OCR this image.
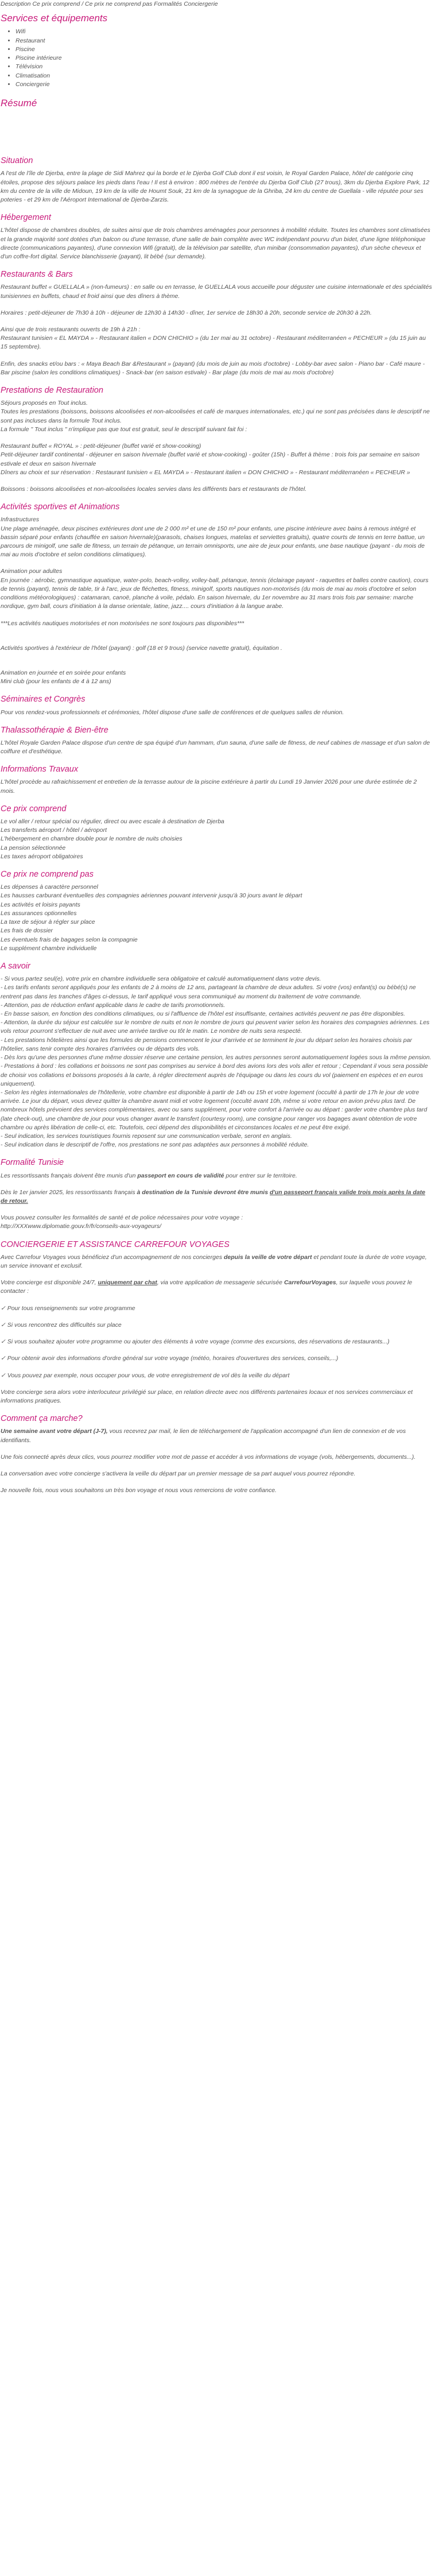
Description Ce prix comprend / Ce prix ne comprend pas Formalités Conciergerie

Services et équipements
• Wifi
• Restaurant
• Piscine
• Piscine intérieure
• Télévision
• Climatisation
• Conciergerie
Résumé
Situation

A l'est de l'île de Djerba, entre la plage de Sidi Mahrez qui la borde et le Djerba Golf Club dont il est voisin, le Royal Garden Palace, hôtel de catégorie cinq étoiles, propose des séjours palace les pieds dans l'eau ! Il est à environ : 800 mètres de l'entrée du Djerba Golf Club (27 trous), 3km du Djerba Explore Park, 12 km du centre de la ville de Midoun, 19 km de la ville de Houmt Souk, 21 km de la synagogue de la Ghriba, 24 km du centre de Guellala - ville réputée pour ses poteries - et 29 km de l'Aéroport International de Djerba-Zarzis.

Hébergement

L'hôtel dispose de chambres doubles, de suites ainsi que de trois chambres aménagées pour personnes à mobilité réduite. Toutes les chambres sont climatisées et la grande majorité sont dotées d'un balcon ou d'une terrasse, d'une salle de bain complète avec WC indépendant pourvu d'un bidet, d'une ligne téléphonique directe (communications payantes), d'une connexion Wifi (gratuit), de la télévision par satellite, d'un minibar (consommation payantes), d'un sèche cheveux et d'un coffre-fort digital. Service blanchisserie (payant), lit bébé (sur demande).

Restaurants & Bars

Restaurant buffet « GUELLALA » (non-fumeurs) : en salle ou en terrasse, le GUELLALA vous accueille pour déguster une cuisine internationale et des spécialités tunisiennes en buffets, chaud et froid ainsi que des dîners à thème.

Horaires : petit-déjeuner de 7h30 à 10h - déjeuner de 12h30 à 14h30 - dîner, 1er service de 18h30 à 20h, seconde service de 20h30 à 22h.

Ainsi que de trois restaurants ouverts de 19h à 21h :
Restaurant tunisien « EL MAYDA » - Restaurant italien « DON CHICHIO » (du 1er mai au 31 octobre) - Restaurant méditerranéen « PECHEUR » (du 15 juin au 15 septembre).

Enfin, des snacks et/ou bars : « Maya Beach Bar &Restaurant » (payant) (du mois de juin au mois d'octobre) - Lobby-bar avec salon - Piano bar - Café maure - Bar piscine (salon les conditions climatiques) - Snack-bar (en saison estivale) - Bar plage (du mois de mai au mois d'octobre)

Prestations de Restauration

Séjours proposés en Tout inclus.
Toutes les prestations (boissons, boissons alcoolisées et non-alcoolisées et café de marques internationales, etc.) qui ne sont pas précisées dans le descriptif ne sont pas incluses dans la formule Tout inclus.
La formule " Tout inclus " n'implique pas que tout est gratuit, seul le descriptif suivant fait foi :

Restaurant buffet « ROYAL » : petit-déjeuner (buffet varié et show-cooking)
Petit-déjeuner tardif continental - déjeuner en saison hivernale (buffet varié et show-cooking) - goûter (15h) - Buffet à thème : trois fois par semaine en saison estivale et deux en saison hivernale
Dîners au choix et sur réservation : Restaurant tunisien « EL MAYDA » - Restaurant italien « DON CHICHIO » - Restaurant méditerranéen « PECHEUR »

Boissons : boissons alcoolisées et non-alcoolisées locales servies dans les différents bars et restaurants de l'hôtel.

Activités sportives et Animations

Infrastructures
Une plage aménagée, deux piscines extérieures dont une de 2 000 m² et une de 150 m² pour enfants, une piscine intérieure avec bains à remous intégré et bassin séparé pour enfants (chauffée en saison hivernale)(parasols, chaises longues, matelas et serviettes gratuits), quatre courts de tennis en terre battue, un parcours de minigolf, une salle de fitness, un terrain de pétanque, un terrain omnisports, une aire de jeux pour enfants, une base nautique (payant - du mois de mai au mois d'octobre et selon conditions climatiques).

Animation pour adultes
En journée : aérobic, gymnastique aquatique, water-polo, beach-volley, volley-ball, pétanque, tennis (éclairage payant - raquettes et balles contre caution), cours de tennis (payant), tennis de table, tir à l'arc, jeux de fléchettes, fitness, minigolf, sports nautiques non-motorisés (du mois de mai au mois d'octobre et selon conditions météorologiques) : catamaran, canoë, planche à voile, pédalo. En saison hivernale, du 1er novembre au 31 mars trois fois par semaine: marche nordique, gym ball, cours d'initiation à la danse orientale, latine, jazz.... cours d'initiation à la langue arabe.

***Les activités nautiques motorisées et non motorisées ne sont toujours pas disponibles***

Activités sportives à l'extérieur de l'hôtel (payant) : golf (18 et 9 trous) (service navette gratuit), équitation .

Animation en journée et en soirée pour enfants
Mini club (pour les enfants de 4 à 12 ans)

Séminaires et Congrès

Pour vos rendez-vous professionnels et cérémonies, l'hôtel dispose d'une salle de conférences et de quelques salles de réunion.

Thalassothérapie & Bien-être

L'hôtel Royale Garden Palace dispose d'un centre de spa équipé d'un hammam, d'un sauna, d'une salle de fitness, de neuf cabines de massage et d'un salon de coiffure et d'esthétique.

Informations Travaux

L'hôtel procède au rafraichissement et entretien de la terrasse autour de la piscine extérieure à partir du Lundi 19 Janvier 2026 pour une durée estimée de 2 mois.

Ce prix comprend

Le vol aller / retour spécial ou régulier, direct ou avec escale à destination de Djerba
Les transferts aéroport / hôtel / aéroport
L'hébergement en chambre double pour le nombre de nuits choisies
La pension sélectionnée
Les taxes aéroport obligatoires

Ce prix ne comprend pas

Les dépenses à caractère personnel
Les hausses carburant éventuelles des compagnies aériennes pouvant intervenir jusqu'à 30 jours avant le départ
Les activités et loisirs payants
Les assurances optionnelles
La taxe de séjour à régler sur place
Les frais de dossier
Les éventuels frais de bagages selon la compagnie
Le supplément chambre individuelle

A savoir

- Si vous partez seul(e), votre prix en chambre individuelle sera obligatoire et calculé automatiquement dans votre devis.
- Les tarifs enfants seront appliqués pour les enfants de 2 à moins de 12 ans, partageant la chambre de deux adultes. Si votre (vos) enfant(s) ou bébé(s) ne rentrent pas dans les tranches d'âges ci-dessus, le tarif appliqué vous sera communiqué au moment du traitement de votre commande.
- Attention, pas de réduction enfant applicable dans le cadre de tarifs promotionnels.
- En basse saison, en fonction des conditions climatiques, ou si l'affluence de l'hôtel est insuffisante, certaines activités peuvent ne pas être disponibles.
- Attention, la durée du séjour est calculée sur le nombre de nuits et non le nombre de jours qui peuvent varier selon les horaires des compagnies aériennes. Les vols retour pourront s'effectuer de nuit avec une arrivée tardive ou tôt le matin. Le nombre de nuits sera respecté.
- Les prestations hôtelières ainsi que les formules de pensions commencent le jour d'arrivée et se terminent le jour du départ selon les horaires choisis par l'hôtelier, sans tenir compte des horaires d'arrivées ou de départs des vols.
- Dès lors qu'une des personnes d'une même dossier réserve une certaine pension, les autres personnes seront automatiquement logées sous la même pension.
- Prestations à bord : les collations et boissons ne sont pas comprises au service à bord des avions lors des vols aller et retour ; Cependant il vous sera possible de choisir vos collations et boissons proposés à la carte, à régler directement auprès de l'équipage ou dans les cours du vol (paiement en espèces et en euros uniquement).
- Selon les règles internationales de l'hôtellerie, votre chambre est disponible à partir de 14h ou 15h et votre logement (occulté à partir de 17h le jour de votre arrivée. Le jour du départ, vous devez quitter la chambre avant midi et votre logement (occulté avant 10h, même si votre retour en avion prévu plus tard. De nombreux hôtels prévoient des services complémentaires, avec ou sans supplément, pour votre confort à l'arrivée ou au départ : garder votre chambre plus tard (late check-out), une chambre de jour pour vous changer avant le transfert (courtesy room), une consigne pour ranger vos bagages avant obtention de votre chambre ou après libération de celle-ci, etc. Toutefois, ceci dépend des disponibilités et circonstances locales et ne peut être exigé.
- Seul indication, les services touristiques fournis reposent sur une communication verbale, seront en anglais.
- Seul indication dans le descriptif de l'offre, nos prestations ne sont pas adaptées aux personnes à mobilité réduite.

Formalité Tunisie

Les ressortissants français doivent être munis d'un passeport en cours de validité pour entrer sur le territoire.

Dès le 1er janvier 2025, les ressortissants français à destination de la Tunisie devront être munis d'un passeport français valide trois mois après la date de retour.

Vous pouvez consulter les formalités de santé et de police nécessaires pour votre voyage :
http://XXXwww.diplomatie.gouv.fr/fr/conseils-aux-voyageurs/

CONCIERGERIE ET ASSISTANCE CARREFOUR VOYAGES

Avec Carrefour Voyages vous bénéficiez d'un accompagnement de nos concierges depuis la veille de votre départ et pendant toute la durée de votre voyage, un service innovant et exclusif.

Votre concierge est disponible 24/7, uniquement par chat, via votre application de messagerie sécurisée CarrefourVoyages, sur laquelle vous pouvez le contacter :

✓ Pour tous renseignements sur votre programme

✓ Si vous rencontrez des difficultés sur place

✓ Si vous souhaitez ajouter votre programme ou ajouter des éléments à votre voyage (comme des excursions, des réservations de restaurants...)

✓ Pour obtenir avoir des informations d'ordre général sur votre voyage (météo, horaires d'ouvertures des services, conseils,...)

✓ Vous pouvez par exemple, nous occuper pour vous, de votre enregistrement de vol dès la veille du départ

Votre concierge sera alors votre interlocuteur privilégié sur place, en relation directe avec nos différents partenaires locaux et nos services commerciaux et informations pratiques.

Comment ça marche?

Une semaine avant votre départ (J-7), vous recevrez par mail, le lien de téléchargement de l'application accompagné d'un lien de connexion et de vos identifiants.

Une fois connecté après deux clics, vous pourrez modifier votre mot de passe et accéder à vos informations de voyage (vols, hébergements, documents...).

La conversation avec votre concierge s'activera la veille du départ par un premier message de sa part auquel vous pourrez répondre.

Je nouvelle fois, nous vous souhaitons un très bon voyage et nous vous remercions de votre confiance.
